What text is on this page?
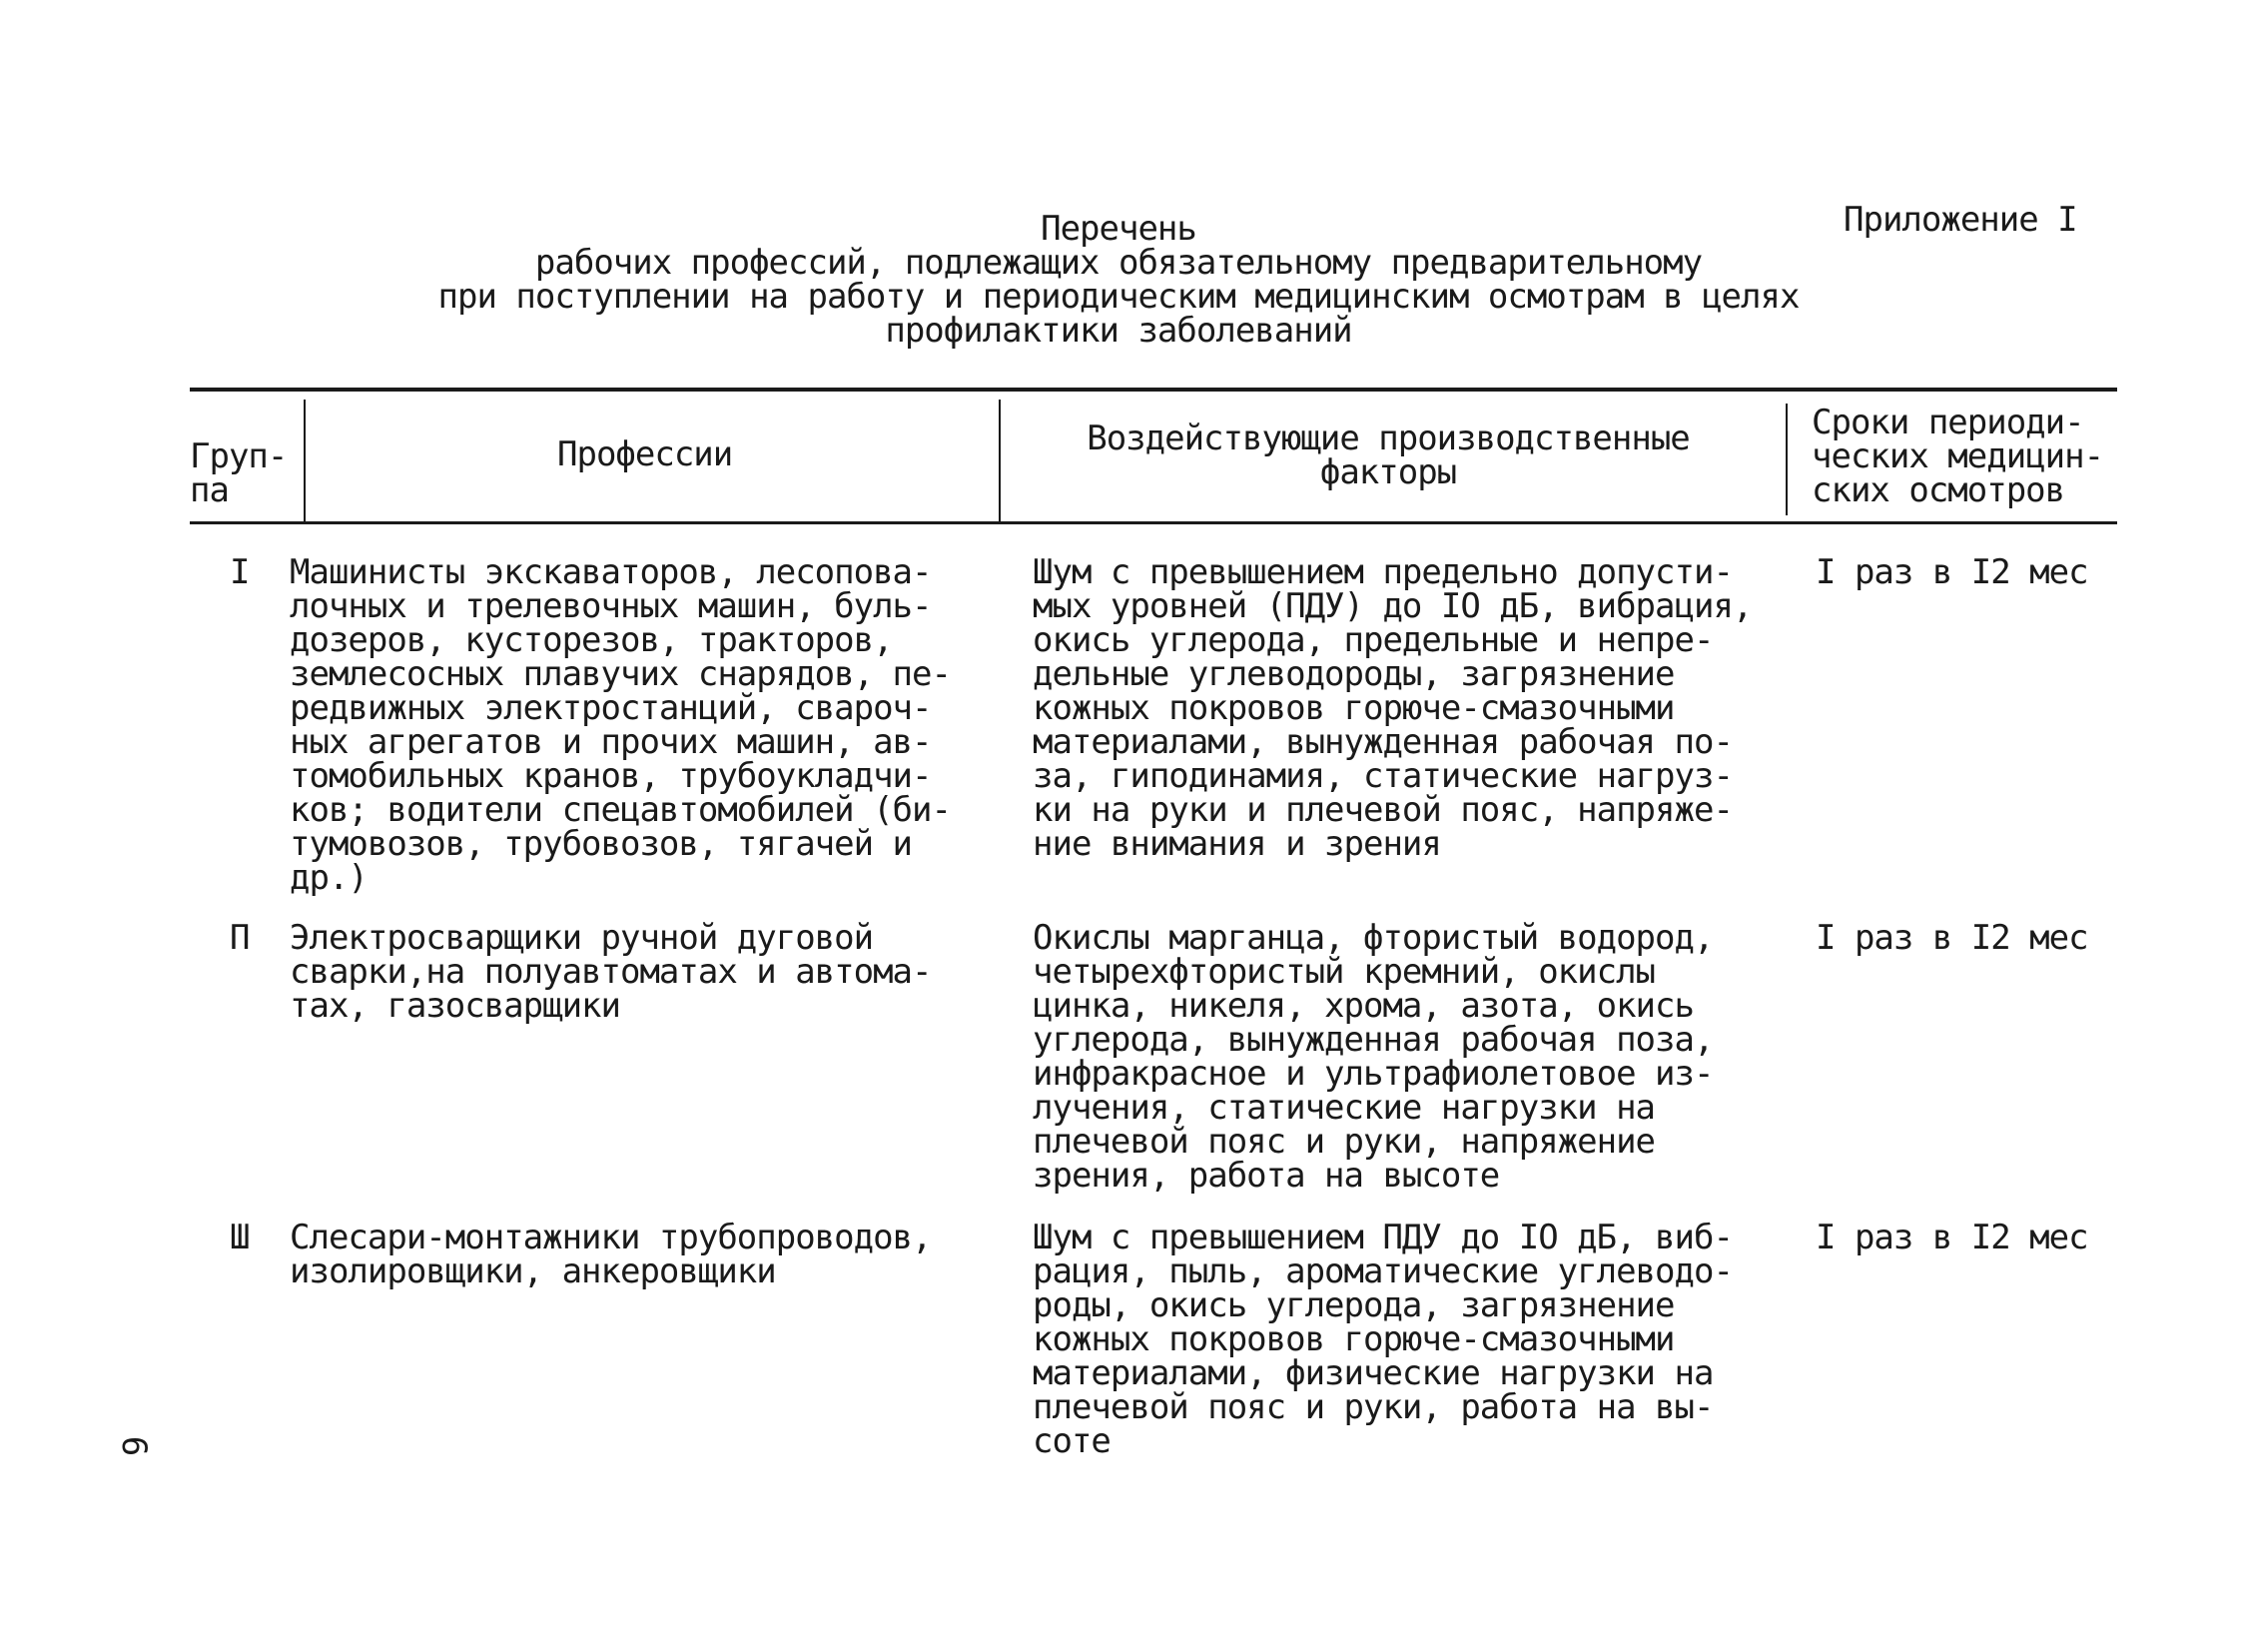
Приложение I
Перечень
рабочих профессий, подлежащих обязательному предварительному
при поступлении на работу и периодическим медицинским осмотрам в целях
профилактики заболеваний
Груп-
па
Профессии	Воздействующие производственные
факторы
Сроки периоди-
ческих медицин-
ских осмотров
I Машинисты экскаваторов, лесопова-
лочных и трелевочных машин, буль-
дозеров, кусторезов, тракторов,
землесосных плавучих снарядов, пе-
редвижных электростанций, свароч-
ных агрегатов и прочих машин, ав-
томобильных кранов, трубоукладчи-
ков; водители спецавтомобилей (би-
тумовозов, трубовозов, тягачей и
др.)
Шум с превышением предельно допусти-
мых уровней (ПДУ) до IO дБ, вибрация,
окись углерода, предельные и непре-
дельные углеводороды, загрязнение
кожных покровов горюче-смазочными
материалами, вынужденная рабочая по-
за, гиподинамия, статические нагруз-
ки на руки и плечевой пояс, напряже-
ние внимания и зрения
I раз в I2 мес
П Электросварщики ручной дуговой
сварки,на полуавтоматах и автома-
тах, газосварщики
Окислы марганца, фтористый водород,
четырехфтористый кремний, окислы
цинка, никеля, хрома, азота, окись
углерода, вынужденная рабочая поза,
инфракрасное и ультрафиолетовое из-
лучения, статические нагрузки на
плечевой пояс и руки, напряжение
зрения, работа на высоте
I раз в I2 мес
Ш Слесари-монтажники трубопроводов,
изолировщики, анкеровщики
Шум с превышением ПДУ до IO дБ, виб-
рация, пыль, ароматические углеводо-
роды, окись углерода, загрязнение
кожных покровов горюче-смазочными
материалами, физические нагрузки на
плечевой пояс и руки, работа на вы-
соте
I раз в I2 мес
6
